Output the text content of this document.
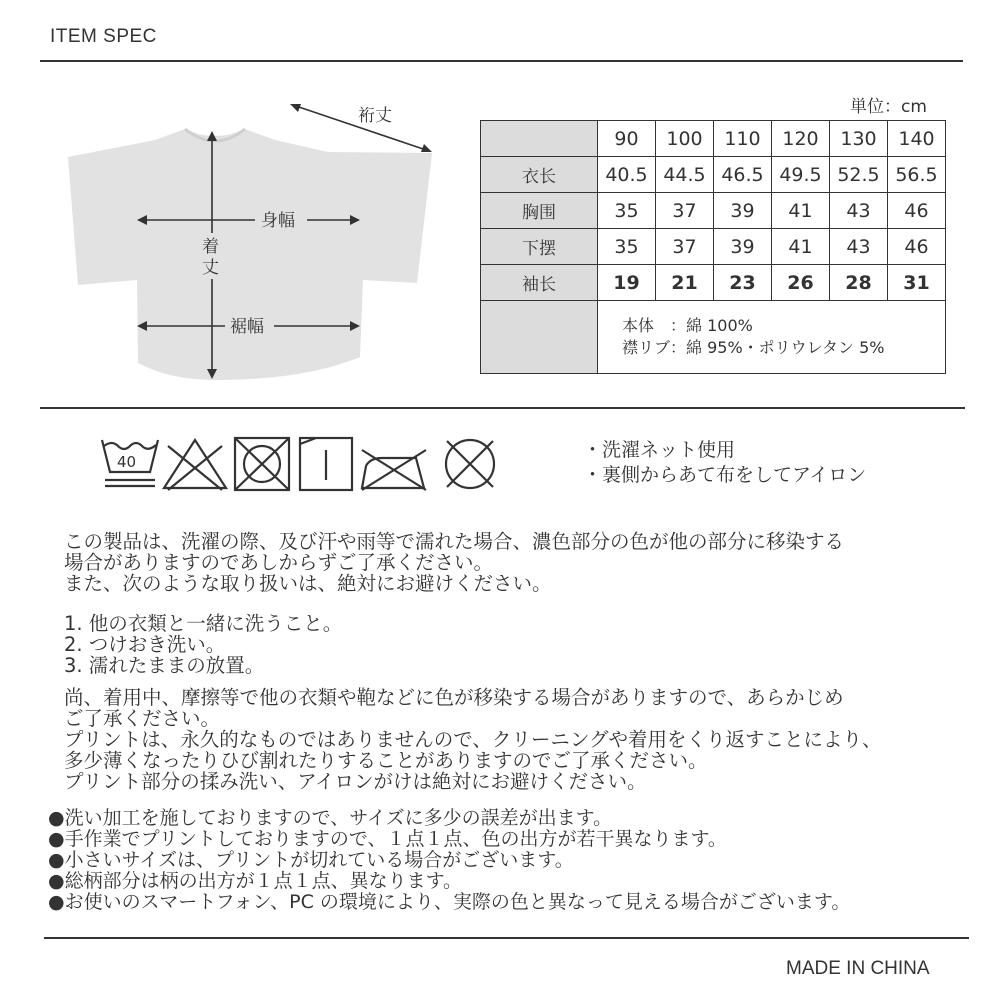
ITEM SPEC
裄丈
着
丈
身幅
裾幅
単位：cm
	90	100	110	120	130	140
衣长	40.5	44.5	46.5	49.5	52.5	56.5
胸围	35	37	39	41	43	46
下摆	35	37	39	41	43	46
袖长	19	21	23	26	28	31

	本体　：綿 100%
襟リブ：綿 95%・ポリウレタン 5%					
40
・洗濯ネット使用
・裏側からあて布をしてアイロン
この製品は、洗濯の際、及び汗や雨等で濡れた場合、濃色部分の色が他の部分に移染する
場合がありますのであしからずご了承ください。
また、次のような取り扱いは、絶対にお避けください。
1. 他の衣類と一緒に洗うこと。
2. つけおき洗い。
3. 濡れたままの放置。
尚、着用中、摩擦等で他の衣類や鞄などに色が移染する場合がありますので、あらかじめ
ご了承ください。
プリントは、永久的なものではありませんので、クリーニングや着用をくり返すことにより、
多少薄くなったりひび割れたりすることがありますのでご了承ください。
プリント部分の揉み洗い、アイロンがけは絶対にお避けください。
●洗い加工を施しておりますので、サイズに多少の誤差が出ます。
●手作業でプリントしておりますので、１点１点、色の出方が若干異なります。
●小さいサイズは、プリントが切れている場合がございます。
●総柄部分は柄の出方が１点１点、異なります。
●お使いのスマートフォン、PC の環境により、実際の色と異なって見える場合がございます。
MADE IN CHINA
